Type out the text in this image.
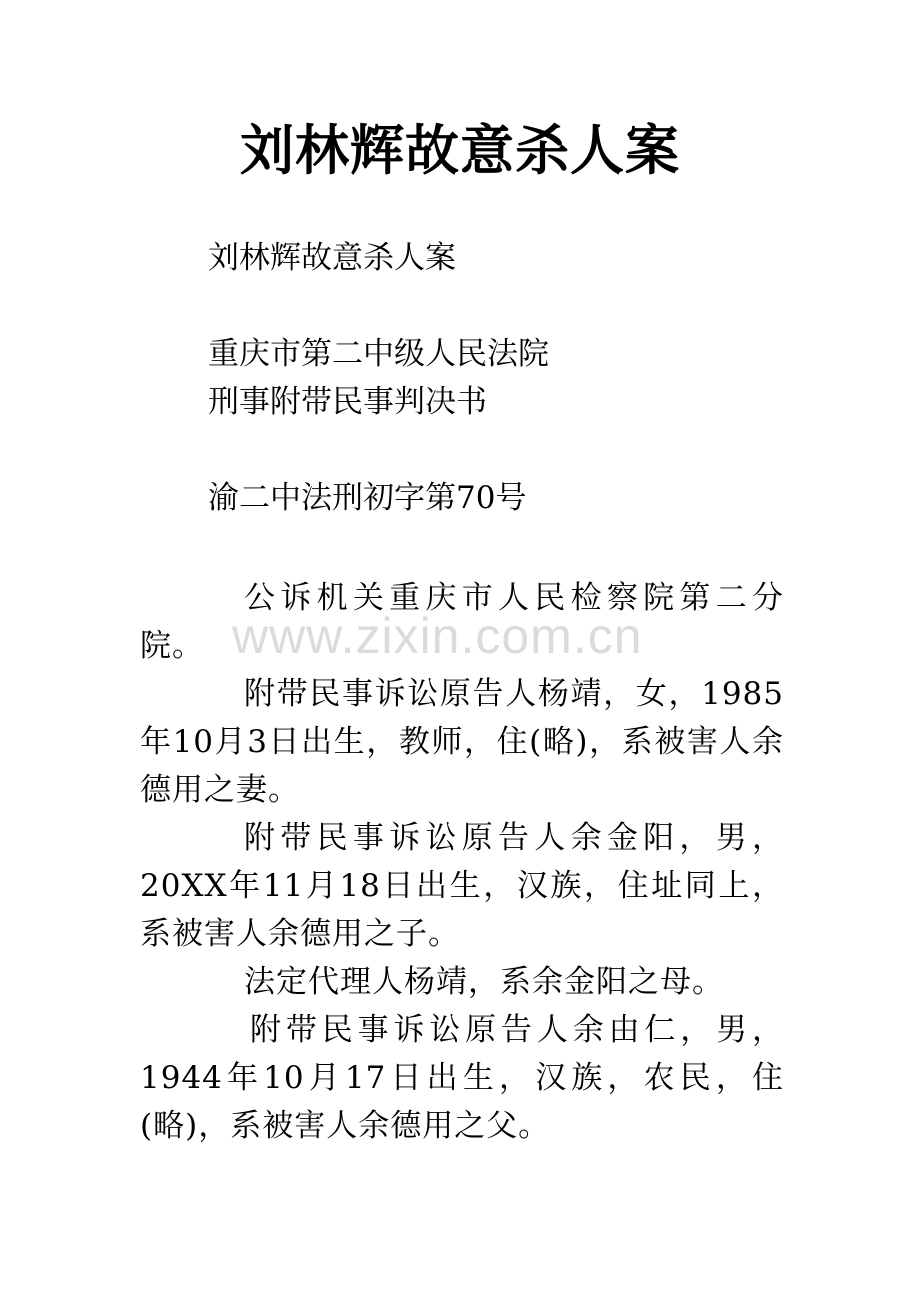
刘林辉故意杀人案
刘林辉故意杀人案
重庆市第二中级人民法院
刑事附带民事判决书
渝二中法刑初字第70号
公诉机关重庆市人民检察院第二分院。
附带民事诉讼原告人杨靖，女，1985年10月3日出生，教师，住(略)，系被害人余德用之妻。
附带民事诉讼原告人余金阳，男，20XX年11月18日出生，汉族，住址同上，系被害人余德用之子。
法定代理人杨靖，系余金阳之母。
附带民事诉讼原告人余由仁，男，1944年10月17日出生，汉族，农民，住(略)，系被害人余德用之父。
www.zixin.com.cn
